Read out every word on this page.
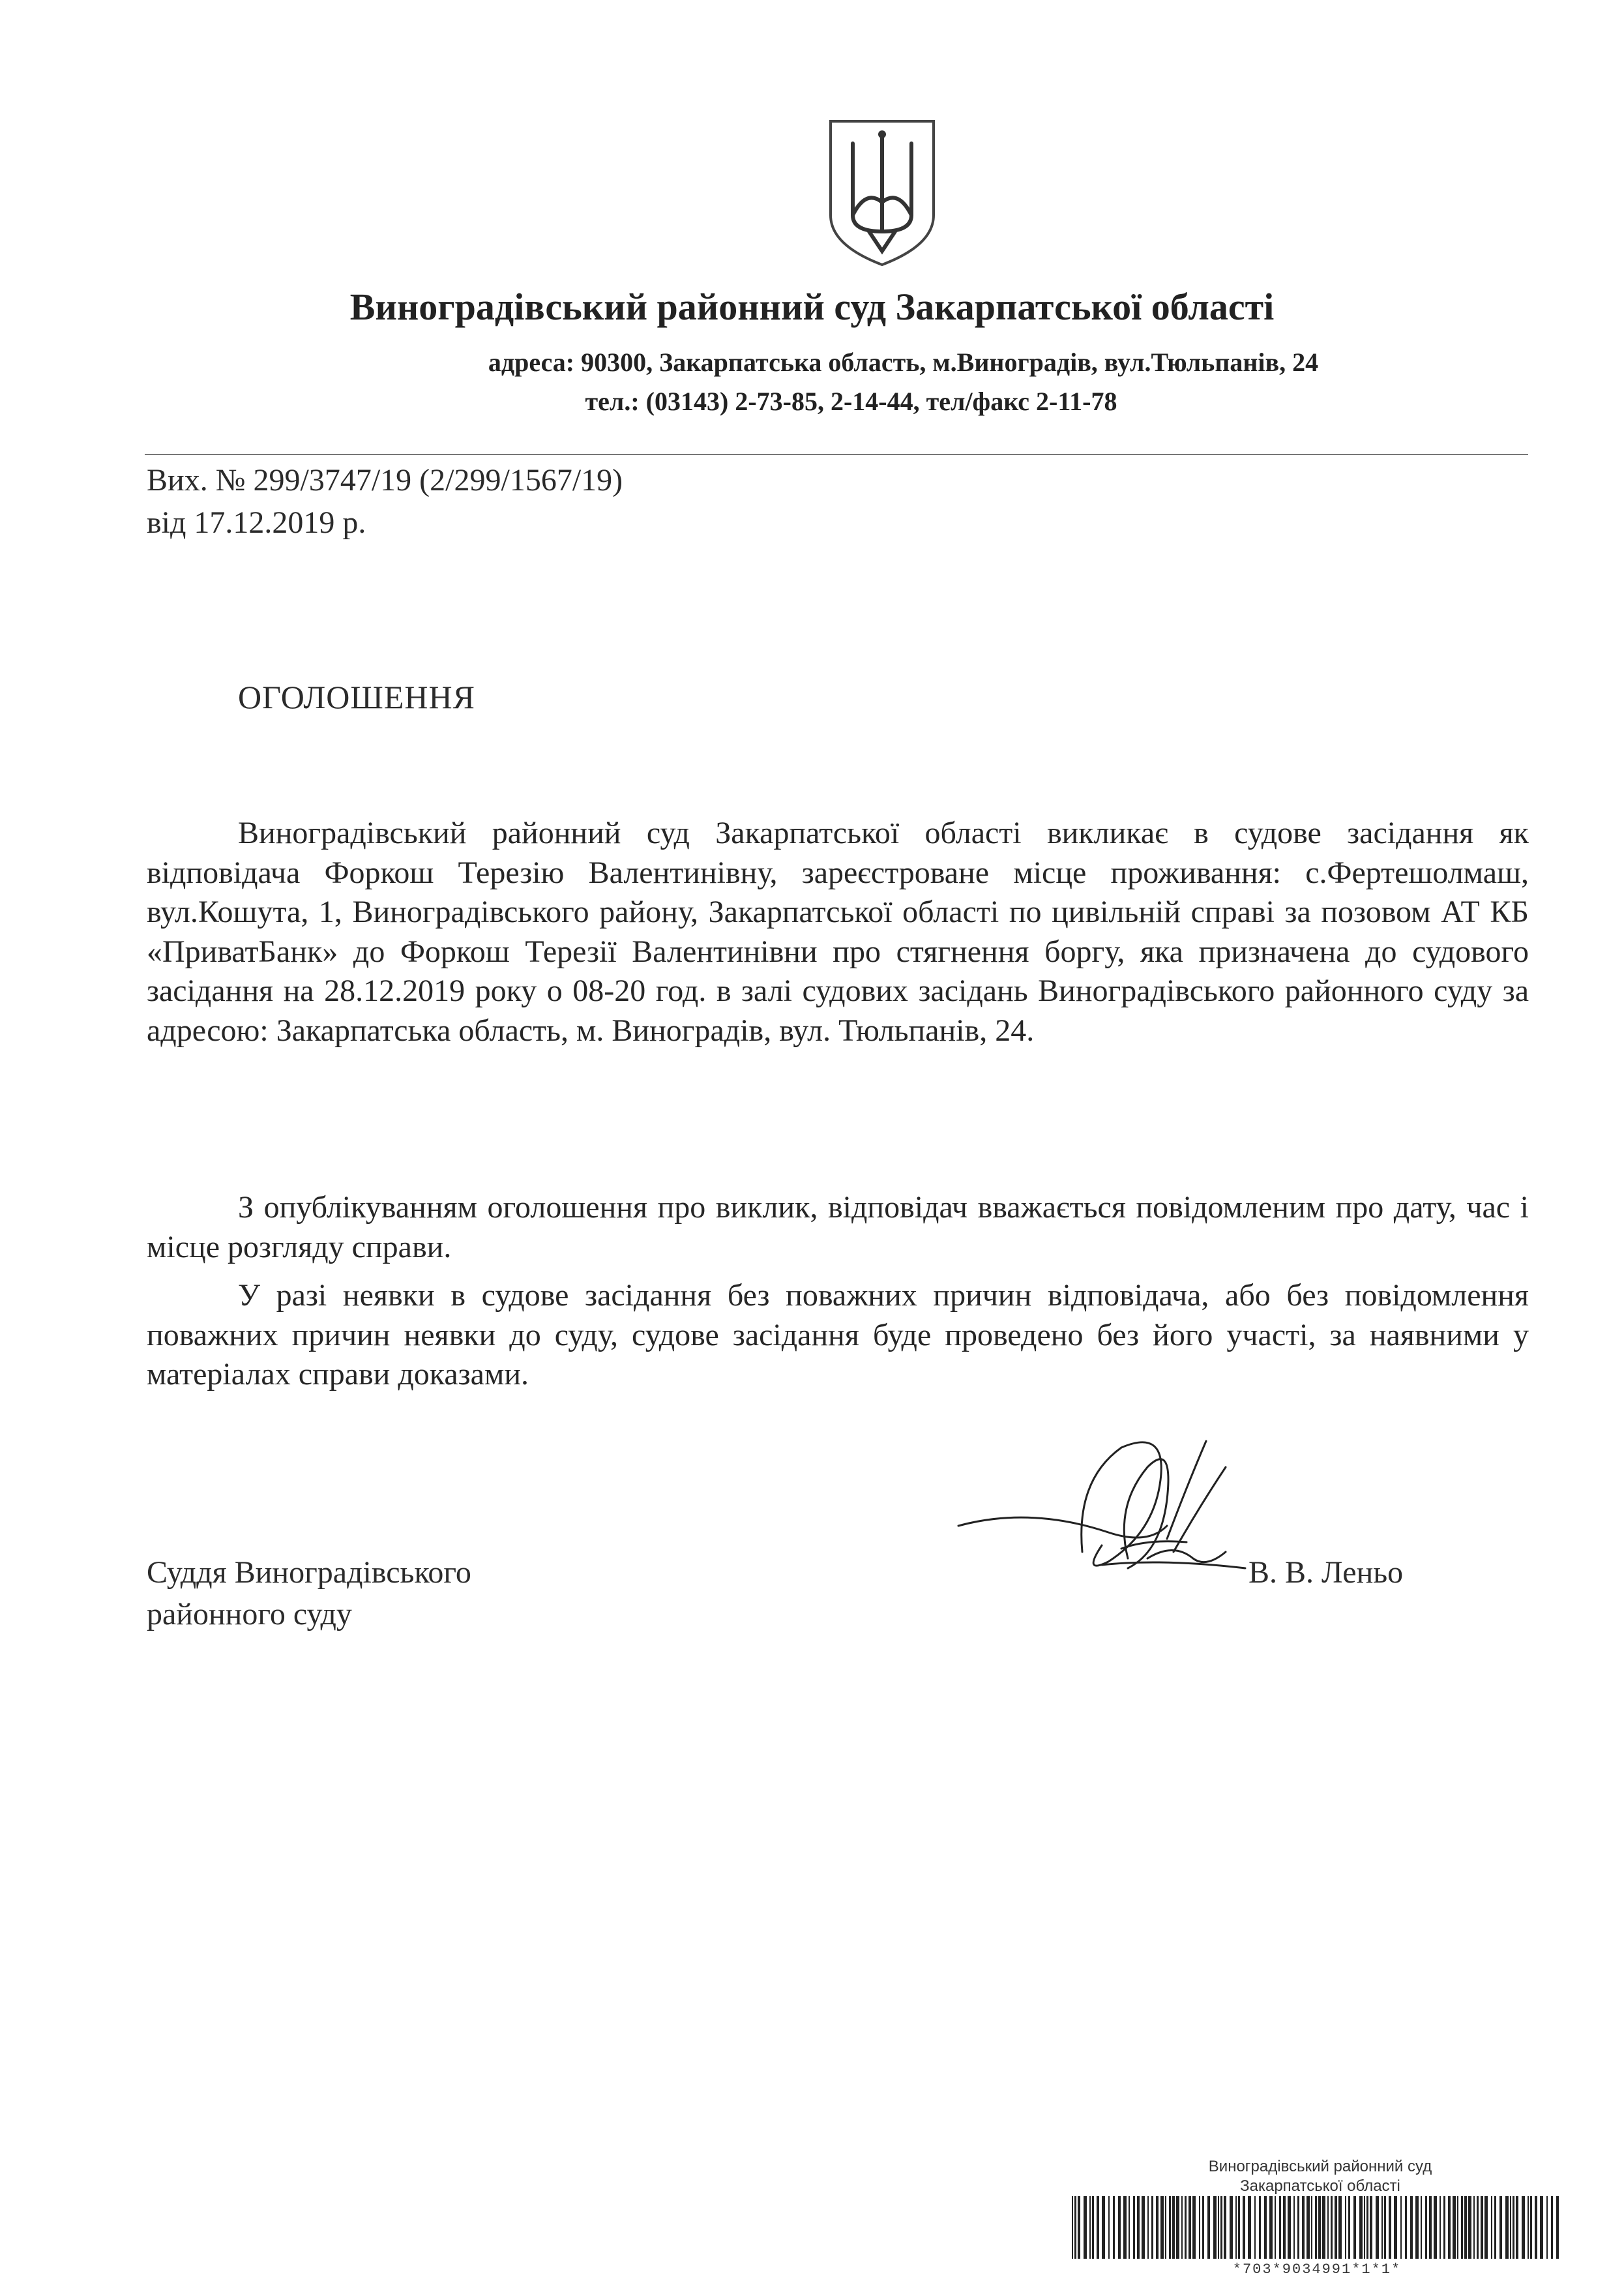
Виноградівський районний суд Закарпатської області
адреса: 90300, Закарпатська область, м.Виноградів, вул.Тюльпанів, 24
тел.: (03143) 2-73-85, 2-14-44, тел/факс 2-11-78
Вих. № 299/3747/19 (2/299/1567/19)
від 17.12.2019 р.
ОГОЛОШЕННЯ

Виноградівський районний суд Закарпатської області викликає в судове засідання як відповідача Форкош Терезію Валентинівну, зареєстроване місце проживання: с.Фертешолмаш, вул.Кошута, 1, Виноградівського району, Закарпатської області по цивільній справі за позовом АТ КБ «ПриватБанк» до Форкош Терезії Валентинівни про стягнення боргу, яка призначена до судового засідання на 28.12.2019 року о 08-20 год. в залі судових засідань Виноградівського районного суду за адресою: Закарпатська область, м. Виноградів, вул. Тюльпанів, 24.

З опублікуванням оголошення про виклик, відповідач вважається повідомленим про дату, час і місце розгляду справи.

У разі неявки в судове засідання без поважних причин відповідача, або без повідомлення поважних причин неявки до суду, судове засідання буде проведено без його участі, за наявними у матеріалах справи доказами.

Суддя Виноградівського
районного суду
В. В. Леньо
Виноградівський районний суд
Закарпатської області
*703*9034991*1*1*
